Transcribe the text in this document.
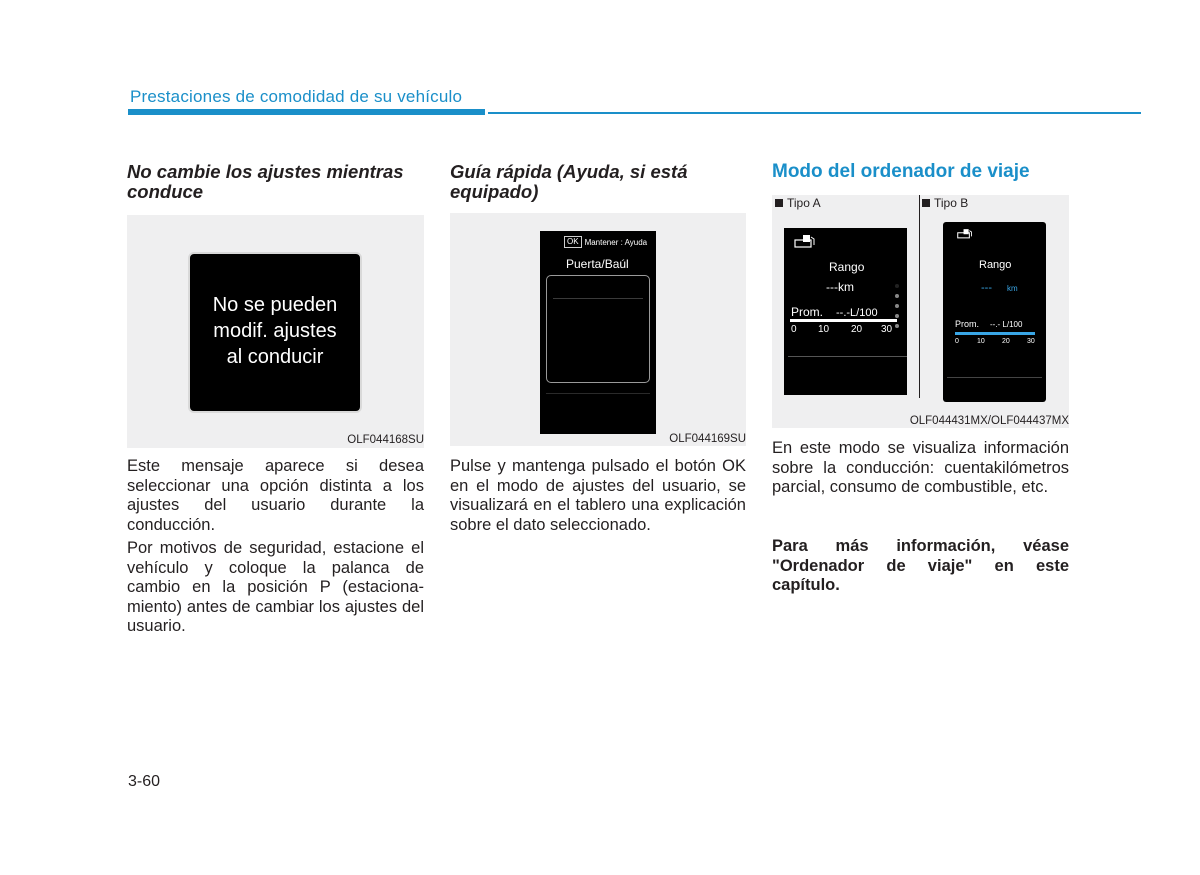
Prestaciones de comodidad de su vehículo
No cambie los ajustes mientras conduce
No se pueden
modif. ajustes
al conducir
OLF044168SU
Este mensaje aparece si desea seleccionar una opción distinta a los ajustes del usuario durante la conducción.
Por motivos de seguridad, estacione el vehículo y coloque la palanca de cambio en la posición P (estaciona-miento) antes de cambiar los ajustes del usuario.
Guía rápida (Ayuda, si está equipado)
OK Mantener : Ayuda
Puerta/Baúl
OLF044169SU
Pulse y mantenga pulsado el botón OK en el modo de ajustes del usuario, se visualizará en el tablero una explicación sobre el dato seleccionado.
Modo del ordenador de viaje
Tipo A
Rango
---km
Prom. --.-L/100
0 10 20 30
Tipo B
Rango
--- km
Prom. --.- L/100
0	10 20 30
OLF044431MX/OLF044437MX
En este modo se visualiza información sobre la conducción: cuentakilómetros parcial, consumo de combustible, etc.
Para más información, véase "Ordenador de viaje" en este capítulo.
3-60
